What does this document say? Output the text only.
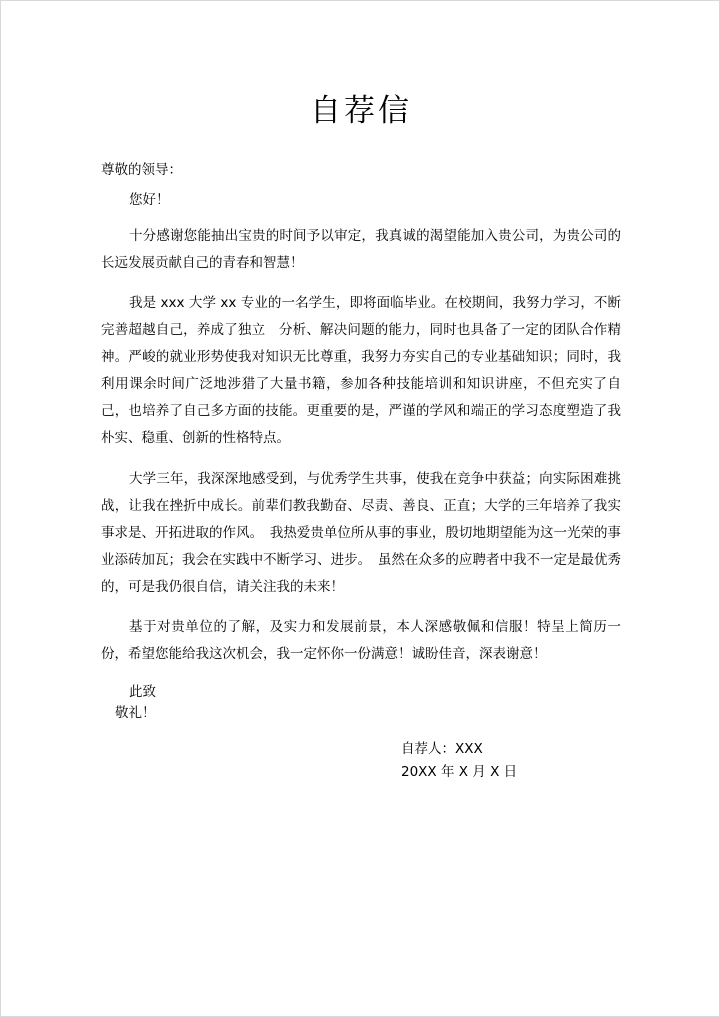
自荐信
尊敬的领导：
您好！

十分感谢您能抽出宝贵的时间予以审定，我真诚的渴望能加入贵公司，为贵公司的长远发展贡献自己的青春和智慧！

我是 xxx 大学 xx 专业的一名学生，即将面临毕业。在校期间，我努力学习，不断完善超越自己，养成了独立　分析、解决问题的能力，同时也具备了一定的团队合作精神。严峻的就业形势使我对知识无比尊重，我努力夯实自己的专业基础知识；同时，我利用课余时间广泛地涉猎了大量书籍，参加各种技能培训和知识讲座，不但充实了自己，也培养了自己多方面的技能。更重要的是，严谨的学风和端正的学习态度塑造了我朴实、稳重、创新的性格特点。

大学三年，我深深地感受到，与优秀学生共事，使我在竞争中获益；向实际困难挑战，让我在挫折中成长。前辈们教我勤奋、尽责、善良、正直；大学的三年培养了我实事求是、开拓进取的作风。　我热爱贵单位所从事的事业，殷切地期望能为这一光荣的事业添砖加瓦；我会在实践中不断学习、进步。　虽然在众多的应聘者中我不一定是最优秀的，可是我仍很自信，请关注我的未来！

基于对贵单位的了解，及实力和发展前景，本人深感敬佩和信服！特呈上简历一份，希望您能给我这次机会，我一定怀你一份满意！诚盼佳音，深表谢意！

此致
敬礼！
自荐人：XXX
20XX 年 X 月 X 日
